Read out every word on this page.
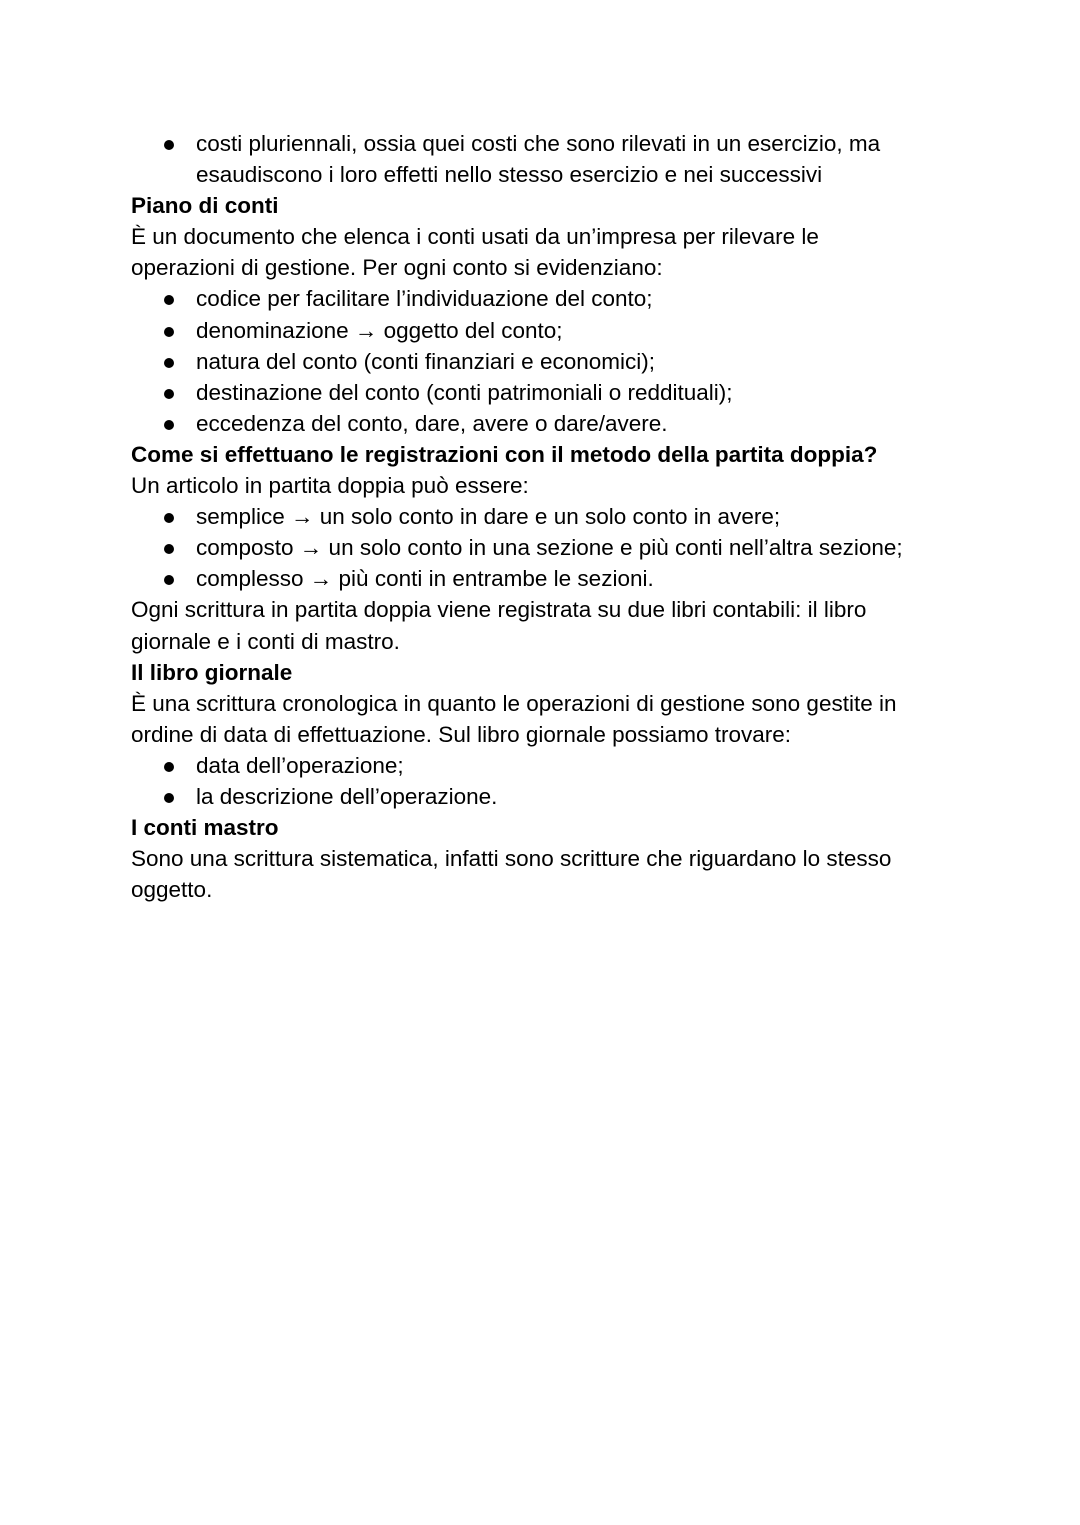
costi pluriennali, ossia quei costi che sono rilevati in un esercizio, ma
esaudiscono i loro effetti nello stesso esercizio e nei successivi
Piano di conti
È un documento che elenca i conti usati da un’impresa per rilevare le
operazioni di gestione. Per ogni conto si evidenziano:
codice per facilitare l’individuazione del conto;
denominazione → oggetto del conto;
natura del conto (conti finanziari e economici);
destinazione del conto (conti patrimoniali o reddituali);
eccedenza del conto, dare, avere o dare/avere.
Come si effettuano le registrazioni con il metodo della partita doppia?
Un articolo in partita doppia può essere:
semplice → un solo conto in dare e un solo conto in avere;
composto → un solo conto in una sezione e più conti nell’altra sezione;
complesso → più conti in entrambe le sezioni.
Ogni scrittura in partita doppia viene registrata su due libri contabili: il libro
giornale e i conti di mastro.
Il libro giornale
È una scrittura cronologica in quanto le operazioni di gestione sono gestite in
ordine di data di effettuazione. Sul libro giornale possiamo trovare:
data dell’operazione;
la descrizione dell’operazione.
I conti mastro
Sono una scrittura sistematica, infatti sono scritture che riguardano lo stesso
oggetto.
